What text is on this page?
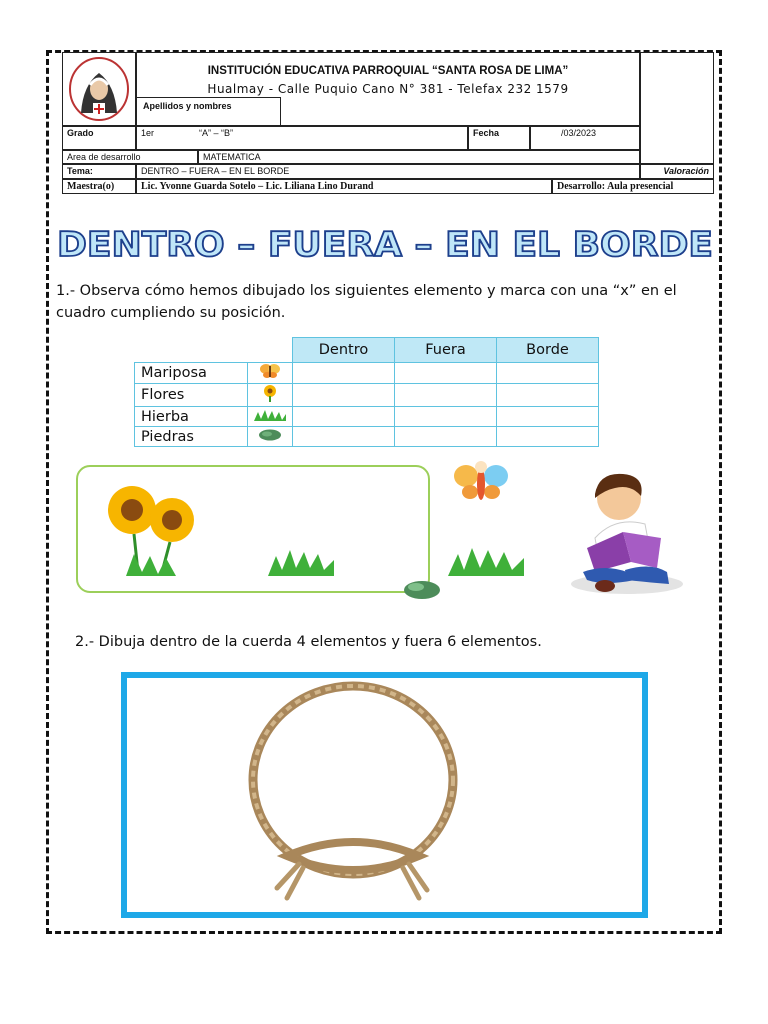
INSTITUCIÓN EDUCATIVA PARROQUIAL “SANTA ROSA DE LIMA”
Hualmay - Calle Puquio Cano N° 381 - Telefax 232 1579
Apellidos y nombres
Grado	1er	“A” – “B”	Fecha	/03/2023
Area de desarrollo	MATEMATICA
Tema:	DENTRO – FUERA – EN EL BORDE	Valoración
Maestra(o)	Lic. Yvonne Guarda Sotelo – Lic. Liliana Lino Durand	Desarrollo: Aula presencial
DENTRO – FUERA – EN EL BORDE
1.- Observa cómo hemos dibujado los siguientes elemento y marca con una “x” en el cuadro cumpliendo su posición.
		Dentro	Fuera	Borde
Mariposa				
Flores				
Hierba				
Piedras				
2.- Dibuja dentro de la cuerda 4 elementos y fuera 6 elementos.
